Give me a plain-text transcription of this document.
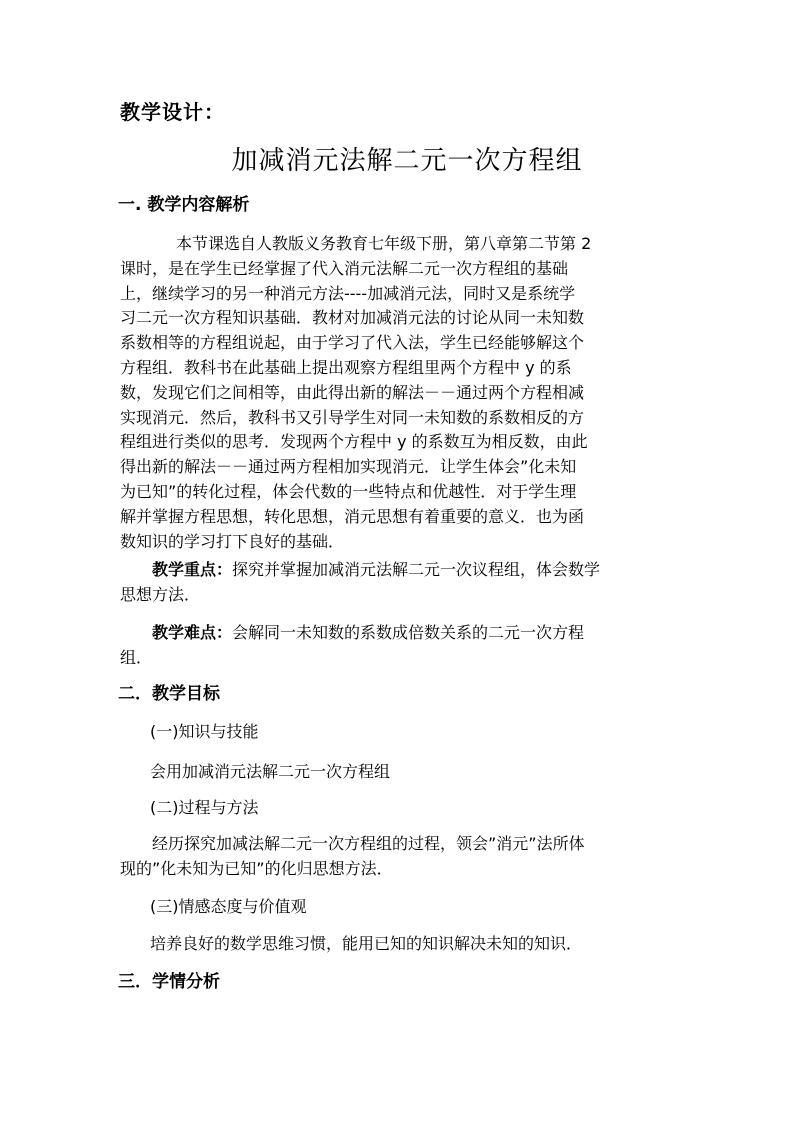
教学设计：
加减消元法解二元一次方程组
一. 教学内容解析
本节课选自人教版义务教育七年级下册，第八章第二节第 2
课时，是在学生已经掌握了代入消元法解二元一次方程组的基础
上，继续学习的另一种消元方法----加减消元法，同时又是系统学
习二元一次方程知识基础．教材对加减消元法的讨论从同一未知数
系数相等的方程组说起，由于学习了代入法，学生已经能够解这个
方程组．教科书在此基础上提出观察方程组里两个方程中 y 的系
数，发现它们之间相等，由此得出新的解法－－通过两个方程相减
实现消元．然后，教科书又引导学生对同一未知数的系数相反的方
程组进行类似的思考．发现两个方程中 y 的系数互为相反数，由此
得出新的解法－－通过两方程相加实现消元．让学生体会”化未知
为已知”的转化过程，体会代数的一些特点和优越性．对于学生理
解并掌握方程思想，转化思想，消元思想有着重要的意义．也为函
数知识的学习打下良好的基础．
教学重点：探究并掌握加减消元法解二元一次议程组，体会数学
思想方法．
教学难点：会解同一未知数的系数成倍数关系的二元一次方程
组．
二．教学目标
(一)知识与技能
会用加减消元法解二元一次方程组
(二)过程与方法
经历探究加减法解二元一次方程组的过程，领会”消元”法所体
现的”化未知为已知”的化归思想方法．
(三)情感态度与价值观
培养良好的数学思维习惯，能用已知的知识解决未知的知识．
三．学情分析
